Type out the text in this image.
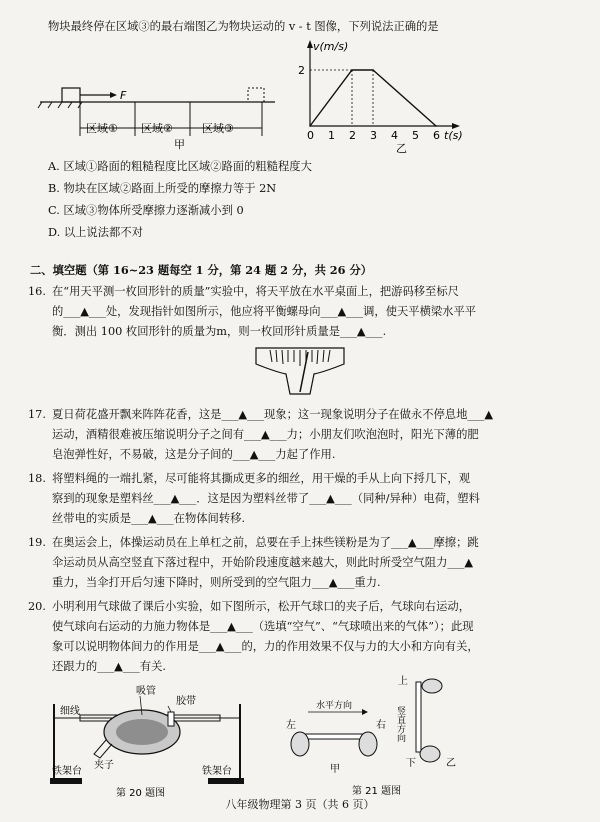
物块最终停在区域③的最右端图乙为物块运动的 v - t 图像，下列说法正确的是
F
区域① 区域②	区域③
甲
v(m/s)
t(s)
乙
0 1 2 3 4 5 6
2
A. 区域①路面的粗糙程度比区域②路面的粗糙程度大
B. 物块在区域②路面上所受的摩擦力等于 2N
C. 区域③物体所受摩擦力逐渐减小到 0
D. 以上说法都不对
二、填空题（第 16~23 题每空 1 分，第 24 题 2 分，共 26 分）
16. 在“用天平测一枚回形针的质量”实验中，将天平放在水平桌面上，把游码移至标尺
的___▲___处，发现指针如图所示，他应将平衡螺母向___▲___调，使天平横梁水平平
衡．测出 100 枚回形针的质量为m，则一枚回形针质量是___▲___.
17. 夏日荷花盛开飘来阵阵花香，这是___▲___现象；这一现象说明分子在做永不停息地___▲
运动，酒精很难被压缩说明分子之间有___▲___力；小朋友们吹泡泡时，阳光下薄的肥
皂泡弹性好，不易破，这是分子间的___▲___力起了作用.
18. 将塑料绳的一端扎紧，尽可能将其撕成更多的细丝，用干燥的手从上向下捋几下，观
察到的现象是塑料丝___▲___．这是因为塑料丝带了___▲___（同种/异种）电荷，塑料
丝带电的实质是___▲___在物体间转移.
19. 在奥运会上，体操运动员在上单杠之前，总要在手上抹些镁粉是为了___▲___摩擦；跳
伞运动员从高空竖直下落过程中，开始阶段速度越来越大，则此时所受空气阻力___▲
重力，当伞打开后匀速下降时，则所受到的空气阻力___▲___重力.
20. 小明利用气球做了课后小实验，如下图所示，松开气球口的夹子后，气球向右运动，
使气球向右运动的力施力物体是___▲___（选填“空气”、“气球喷出来的气体”）；此现
象可以说明物体间力的作用是___▲___的，力的作用效果不仅与力的大小和方向有关，
还跟力的___▲___有关.
吸管
细线
胶带
夹子
铁架台	铁架台
第 20 题图
水平方向
左	右
甲
上
竖直方向
下	乙
第 21 题图
八年级物理第 3 页（共 6 页）
